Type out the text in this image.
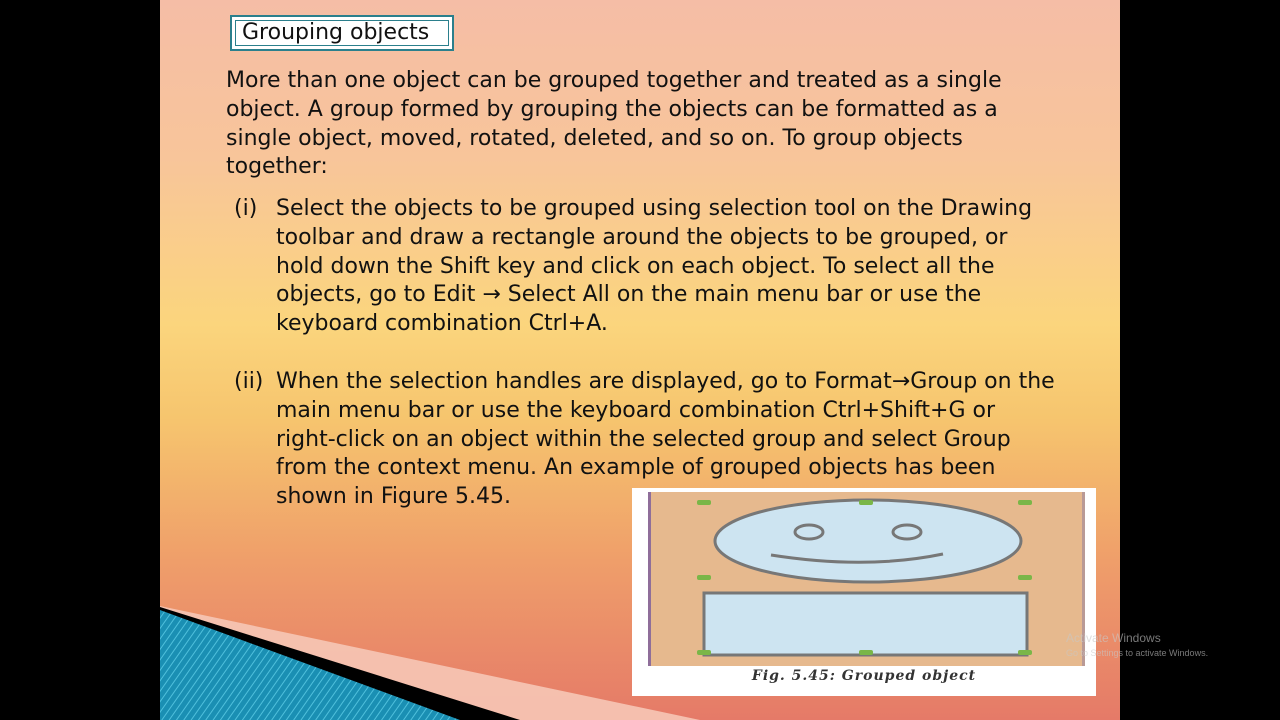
Grouping objects
More than one object can be grouped together and treated as a single object. A group formed by grouping the objects can be formatted as a single object, moved, rotated, deleted, and so on. To group objects together:
(i) Select the objects to be grouped using selection tool on the Drawing toolbar and draw a rectangle around the objects to be grouped, or hold down the Shift key and click on each object. To select all the objects, go to Edit → Select All on the main menu bar or use the keyboard combination Ctrl+A.
(ii) When the selection handles are displayed, go to Format→Group on the main menu bar or use the keyboard combination Ctrl+Shift+G or right-click on an object within the selected group and select Group from the context menu. An example of grouped objects has been shown in Figure 5.45.
Fig. 5.45: Grouped object
Activate Windows
Go to Settings to activate Windows.
